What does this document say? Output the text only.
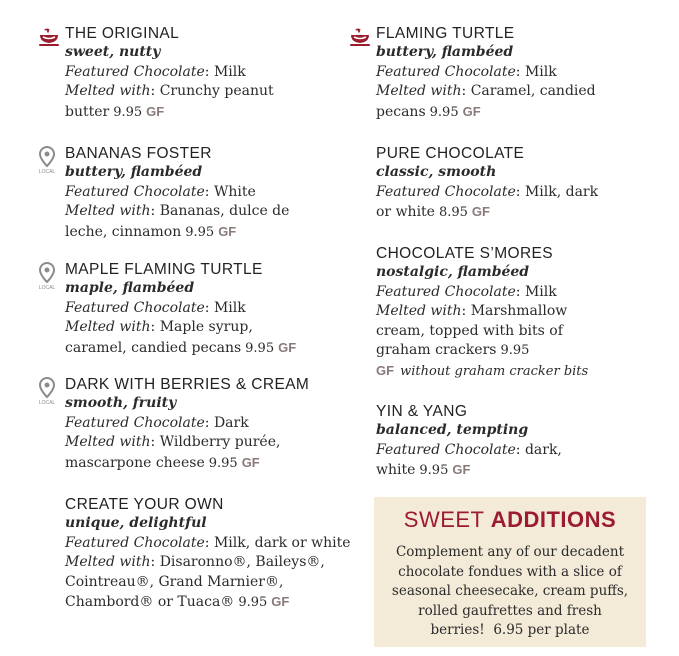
THE ORIGINAL
sweet, nutty
Featured Chocolate: Milk
Melted with: Crunchy peanut
butter 9.95 GF
LOCAL
BANANAS FOSTER
buttery, flambéed
Featured Chocolate: White
Melted with: Bananas, dulce de
leche, cinnamon 9.95 GF
LOCAL
MAPLE FLAMING TURTLE
maple, flambéed
Featured Chocolate: Milk
Melted with: Maple syrup,
caramel, candied pecans 9.95 GF
LOCAL
DARK WITH BERRIES & CREAM
smooth, fruity
Featured Chocolate: Dark
Melted with: Wildberry purée,
mascarpone cheese 9.95 GF
CREATE YOUR OWN
unique, delightful
Featured Chocolate: Milk, dark or white
Melted with: Disaronno®, Baileys®,
Cointreau®, Grand Marnier®,
Chambord® or Tuaca® 9.95 GF
FLAMING TURTLE
buttery, flambéed
Featured Chocolate: Milk
Melted with: Caramel, candied
pecans 9.95 GF
PURE CHOCOLATE
classic, smooth
Featured Chocolate: Milk, dark
or white 8.95 GF
CHOCOLATE S’MORES
nostalgic, flambéed
Featured Chocolate: Milk
Melted with: Marshmallow
cream, topped with bits of
graham crackers 9.95
GF without graham cracker bits
YIN & YANG
balanced, tempting
Featured Chocolate: dark,
white 9.95 GF
SWEET ADDITIONS
Complement any of our decadent
chocolate fondues with a slice of
seasonal cheesecake, cream puffs,
rolled gaufrettes and fresh
berries! 6.95 per plate
